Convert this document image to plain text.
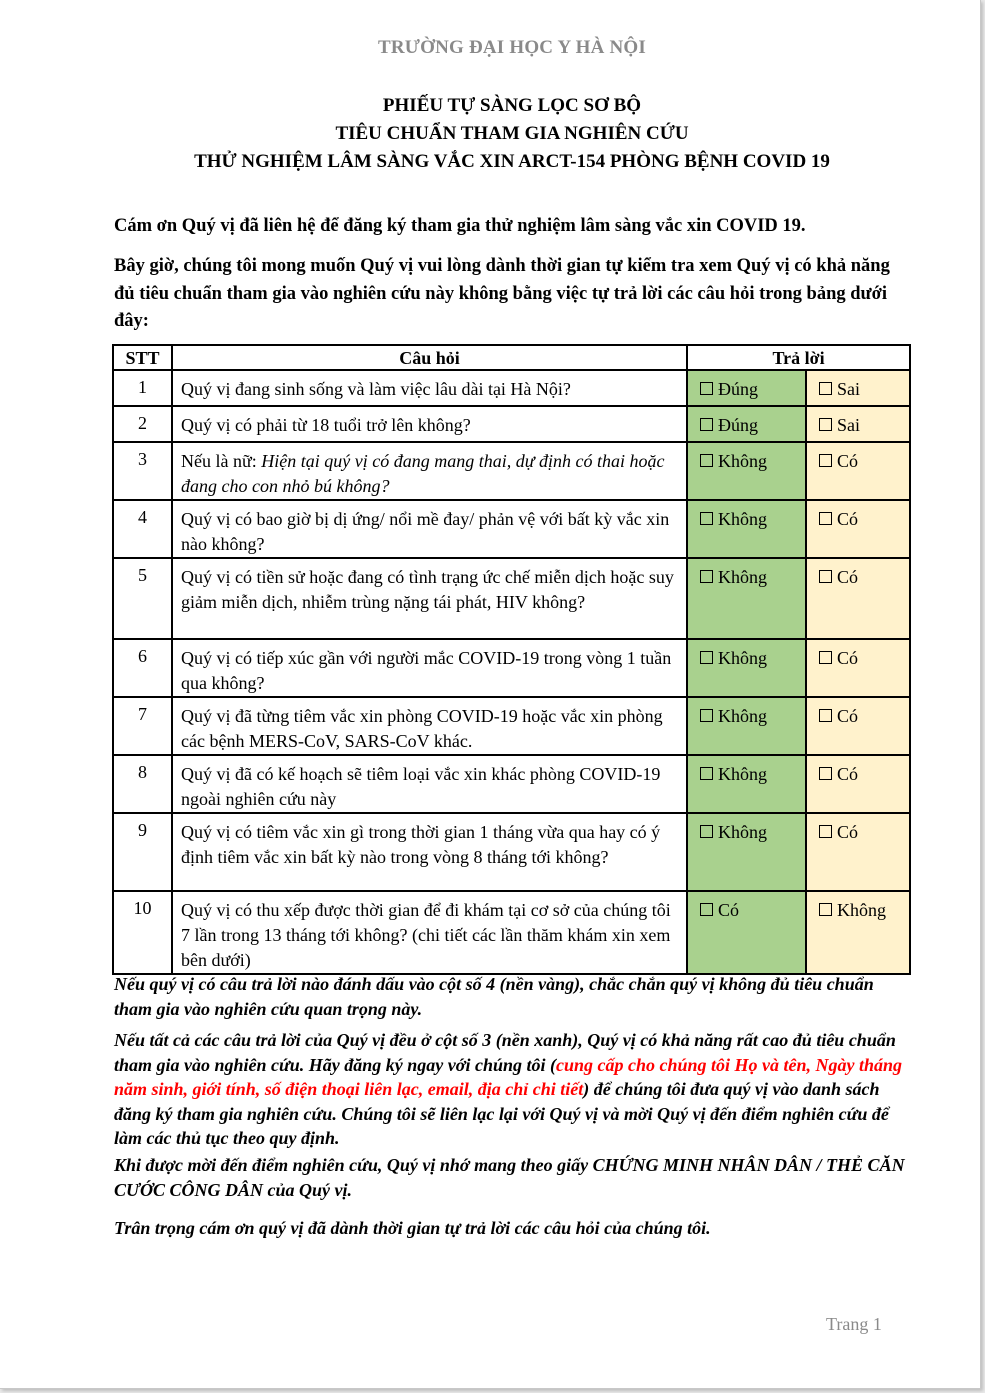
TRƯỜNG ĐẠI HỌC Y HÀ NỘI
PHIẾU TỰ SÀNG LỌC SƠ BỘ
TIÊU CHUẨN THAM GIA NGHIÊN CỨU
THỬ NGHIỆM LÂM SÀNG VẮC XIN ARCT-154 PHÒNG BỆNH COVID 19
Cám ơn Quý vị đã liên hệ để đăng ký tham gia thử nghiệm lâm sàng vắc xin COVID 19.
Bây giờ, chúng tôi mong muốn Quý vị vui lòng dành thời gian tự kiểm tra xem Quý vị có khả năng đủ tiêu chuẩn tham gia vào nghiên cứu này không bằng việc tự trả lời các câu hỏi trong bảng dưới đây:
STT	Câu hỏi	Trả lời	
1	Quý vị đang sinh sống và làm việc lâu dài tại Hà Nội?	Đúng	Sai
2	Quý vị có phải từ 18 tuổi trở lên không?	Đúng	Sai
3	Nếu là nữ: Hiện tại quý vị có đang mang thai, dự định có thai hoặc đang cho con nhỏ bú không?	Không	Có
4	Quý vị có bao giờ bị dị ứng/ nổi mề đay/ phản vệ với bất kỳ vắc xin nào không?	Không	Có
5	Quý vị có tiền sử hoặc đang có tình trạng ức chế miễn dịch hoặc suy giảm miễn dịch, nhiễm trùng nặng tái phát, HIV không?	Không	Có
6	Quý vị có tiếp xúc gần với người mắc COVID-19 trong vòng 1 tuần qua không?	Không	Có
7	Quý vị đã từng tiêm vắc xin phòng COVID-19 hoặc vắc xin phòng các bệnh MERS-CoV, SARS-CoV khác.	Không	Có
8	Quý vị đã có kế hoạch sẽ tiêm loại vắc xin khác phòng COVID-19 ngoài nghiên cứu này	Không	Có
9	Quý vị có tiêm vắc xin gì trong thời gian 1 tháng vừa qua hay có ý định tiêm vắc xin bất kỳ nào trong vòng 8 tháng tới không?	Không	Có
10	Quý vị có thu xếp được thời gian để đi khám tại cơ sở của chúng tôi 7 lần trong 13 tháng tới không? (chi tiết các lần thăm khám xin xem bên dưới)	Có	Không
Nếu quý vị có câu trả lời nào đánh dấu vào cột số 4 (nền vàng), chắc chắn quý vị không đủ tiêu chuẩn tham gia vào nghiên cứu quan trọng này.
Nếu tất cả các câu trả lời của Quý vị đều ở cột số 3 (nền xanh), Quý vị có khả năng rất cao đủ tiêu chuẩn tham gia vào nghiên cứu. Hãy đăng ký ngay với chúng tôi (cung cấp cho chúng tôi Họ và tên, Ngày tháng năm sinh, giới tính, số điện thoại liên lạc, email, địa chỉ chi tiết) để chúng tôi đưa quý vị vào danh sách đăng ký tham gia nghiên cứu. Chúng tôi sẽ liên lạc lại với Quý vị và mời Quý vị đến điểm nghiên cứu để làm các thủ tục theo quy định.
Khi được mời đến điểm nghiên cứu, Quý vị nhớ mang theo giấy CHỨNG MINH NHÂN DÂN / THẺ CĂN CƯỚC CÔNG DÂN của Quý vị.
Trân trọng cám ơn quý vị đã dành thời gian tự trả lời các câu hỏi của chúng tôi.
Trang 1
